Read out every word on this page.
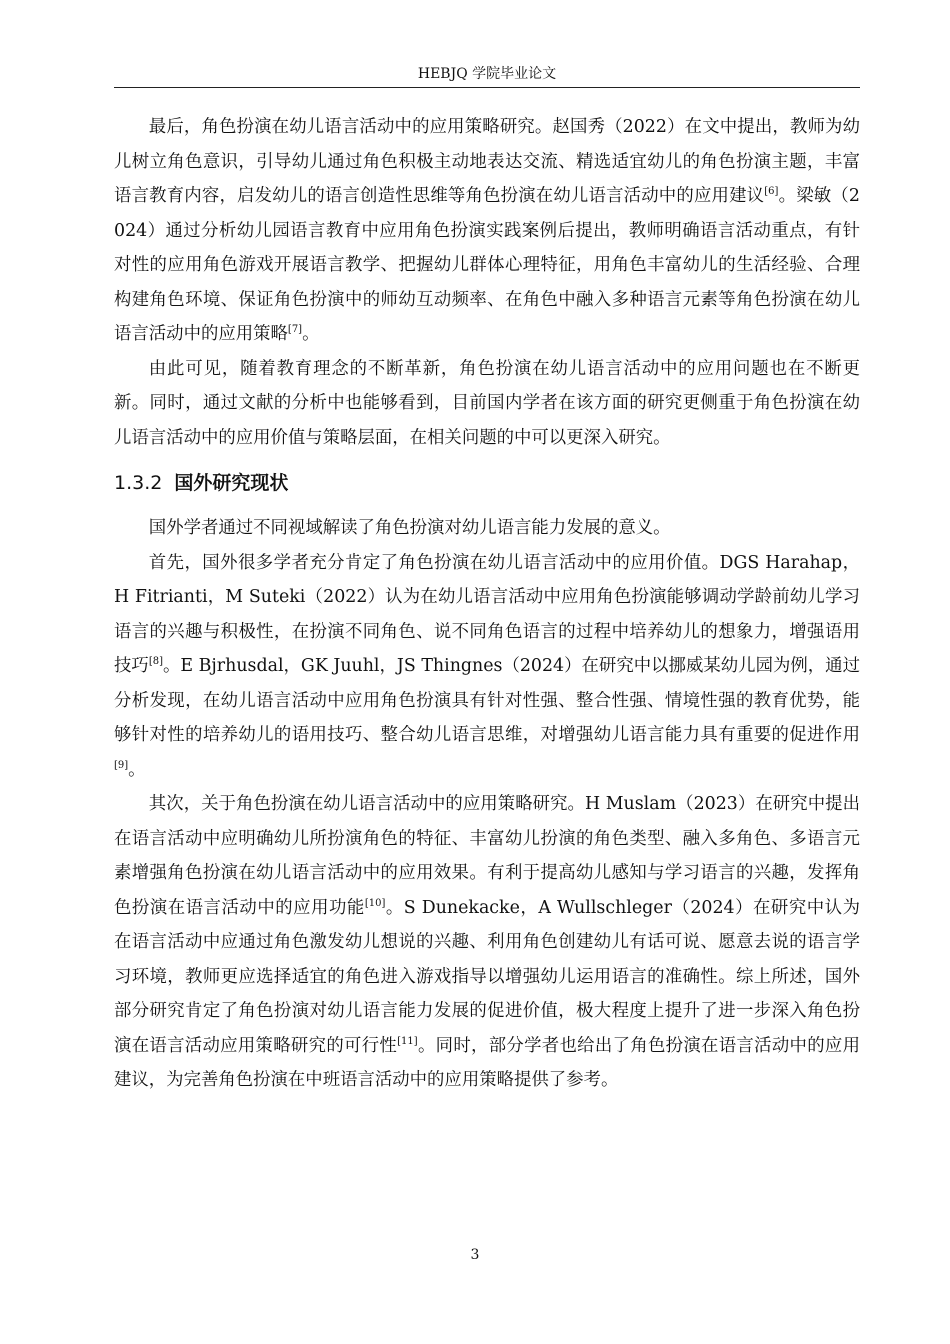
HEBJQ 学院毕业论文

最后，角色扮演在幼儿语言活动中的应用策略研究。赵国秀（2022）在文中提出，教师为幼儿树立角色意识，引导幼儿通过角色积极主动地表达交流、精选适宜幼儿的角色扮演主题，丰富语言教育内容，启发幼儿的语言创造性思维等角色扮演在幼儿语言活动中的应用建议[6]。梁敏（2024）通过分析幼儿园语言教育中应用角色扮演实践案例后提出，教师明确语言活动重点，有针对性的应用角色游戏开展语言教学、把握幼儿群体心理特征，用角色丰富幼儿的生活经验、合理构建角色环境、保证角色扮演中的师幼互动频率、在角色中融入多种语言元素等角色扮演在幼儿语言活动中的应用策略[7]。

由此可见，随着教育理念的不断革新，角色扮演在幼儿语言活动中的应用问题也在不断更新。同时，通过文献的分析中也能够看到，目前国内学者在该方面的研究更侧重于角色扮演在幼儿语言活动中的应用价值与策略层面，在相关问题的中可以更深入研究。

1.3.2 国外研究现状

国外学者通过不同视域解读了角色扮演对幼儿语言能力发展的意义。

首先，国外很多学者充分肯定了角色扮演在幼儿语言活动中的应用价值。DGS Harahap，H Fitrianti，M Suteki（2022）认为在幼儿语言活动中应用角色扮演能够调动学龄前幼儿学习语言的兴趣与积极性，在扮演不同角色、说不同角色语言的过程中培养幼儿的想象力，增强语用技巧[8]。E Bjrhusdal，GK Juuhl，JS Thingnes（2024）在研究中以挪威某幼儿园为例，通过分析发现，在幼儿语言活动中应用角色扮演具有针对性强、整合性强、情境性强的教育优势，能够针对性的培养幼儿的语用技巧、整合幼儿语言思维，对增强幼儿语言能力具有重要的促进作用[9]。

其次，关于角色扮演在幼儿语言活动中的应用策略研究。H Muslam（2023）在研究中提出在语言活动中应明确幼儿所扮演角色的特征、丰富幼儿扮演的角色类型、融入多角色、多语言元素增强角色扮演在幼儿语言活动中的应用效果。有利于提高幼儿感知与学习语言的兴趣，发挥角色扮演在语言活动中的应用功能[10]。S Dunekacke，A Wullschleger（2024）在研究中认为在语言活动中应通过角色激发幼儿想说的兴趣、利用角色创建幼儿有话可说、愿意去说的语言学习环境，教师更应选择适宜的角色进入游戏指导以增强幼儿运用语言的准确性。综上所述，国外部分研究肯定了角色扮演对幼儿语言能力发展的促进价值，极大程度上提升了进一步深入角色扮演在语言活动应用策略研究的可行性[11]。同时，部分学者也给出了角色扮演在语言活动中的应用建议，为完善角色扮演在中班语言活动中的应用策略提供了参考。

3
